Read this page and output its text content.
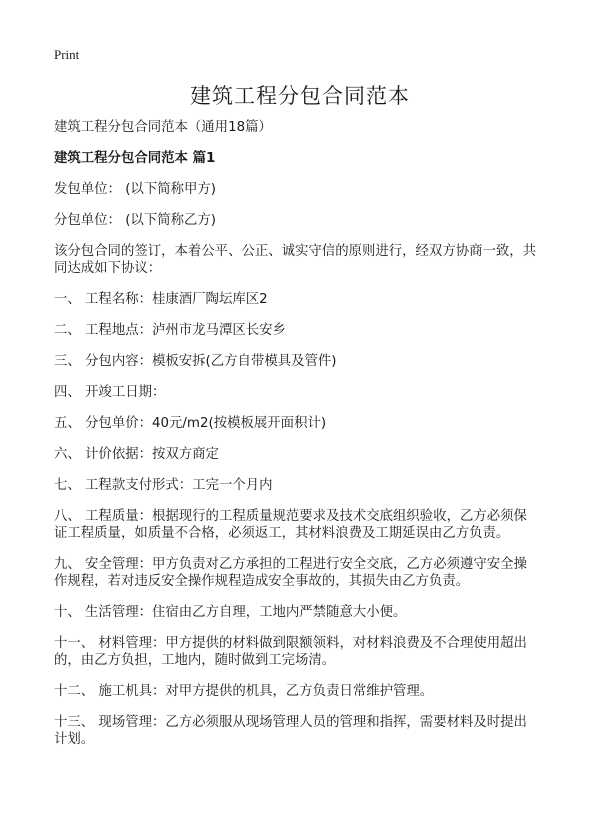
Print
建筑工程分包合同范本
建筑工程分包合同范本（通用18篇）
建筑工程分包合同范本 篇1
发包单位： (以下简称甲方)
分包单位： (以下简称乙方)
该分包合同的签订，本着公平、公正、诚实守信的原则进行，经双方协商一致，共
同达成如下协议：
一、 工程名称：桂康酒厂陶坛库区2
二、 工程地点：泸州市龙马潭区长安乡
三、 分包内容：模板安拆(乙方自带模具及管件)
四、 开竣工日期：
五、 分包单价：40元/m2(按模板展开面积计)
六、 计价依据：按双方商定
七、 工程款支付形式：工完一个月内
八、 工程质量：根据现行的工程质量规范要求及技术交底组织验收，乙方必须保
证工程质量，如质量不合格，必须返工，其材料浪费及工期延误由乙方负责。
九、 安全管理：甲方负责对乙方承担的工程进行安全交底，乙方必须遵守安全操
作规程，若对违反安全操作规程造成安全事故的，其损失由乙方负责。
十、 生活管理：住宿由乙方自理，工地内严禁随意大小便。
十一、 材料管理：甲方提供的材料做到限额领料，对材料浪费及不合理使用超出
的，由乙方负担，工地内，随时做到工完场清。
十二、 施工机具：对甲方提供的机具，乙方负责日常维护管理。
十三、 现场管理：乙方必须服从现场管理人员的管理和指挥，需要材料及时提出
计划。
